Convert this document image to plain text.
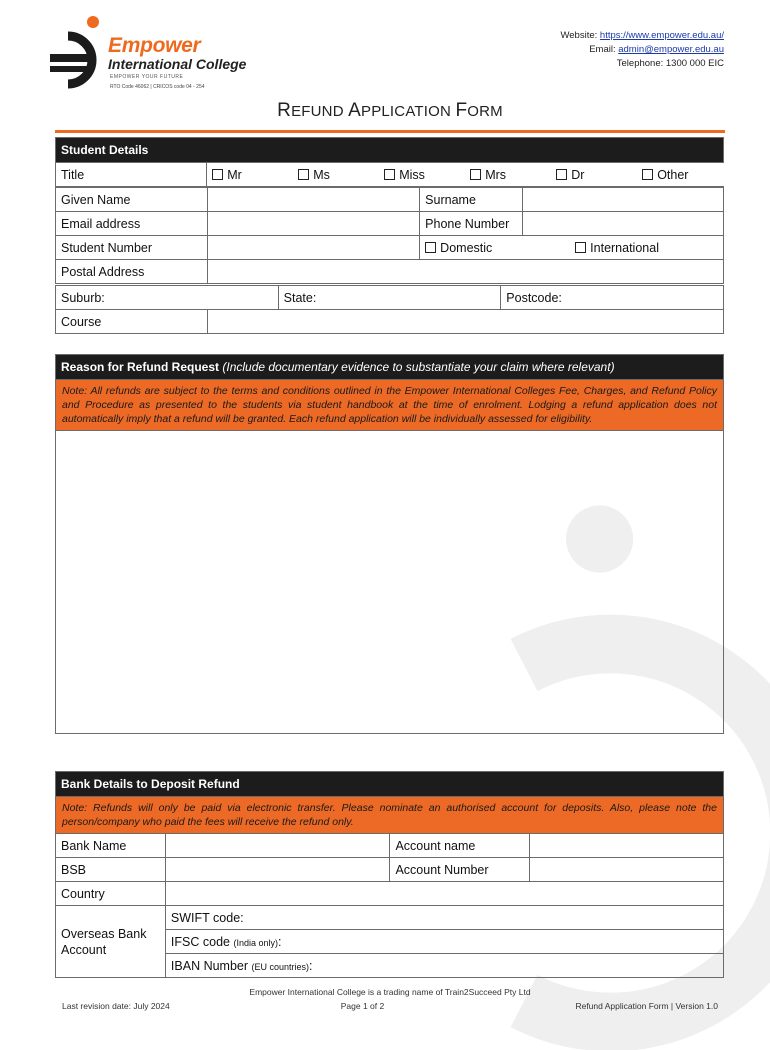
Empower
International College
EMPOWER YOUR FUTURE
RTO Code 46062 | CRICOS code 04 - 254
Website: https://www.empower.edu.au/
Email: admin@empower.edu.au
Telephone: 1300 000 EIC
REFUND APPLICATION FORM
Student Details
Title	Mr	Ms	Miss	Mrs	Dr	Other
Given Name		Surname	
Email address		Phone Number	
Student Number		Domestic International	
Postal Address			
Suburb:		State:	Postcode:
Course			
Reason for Refund Request (Include documentary evidence to substantiate your claim where relevant)
Note: All refunds are subject to the terms and conditions outlined in the Empower International Colleges Fee, Charges, and Refund Policy and Procedure as presented to the students via student handbook at the time of enrolment. Lodging a refund application does not automatically imply that a refund will be granted. Each refund application will be individually assessed for eligibility.

Bank Details to Deposit Refund			
Note: Refunds will only be paid via electronic transfer. Please nominate an authorised account for deposits. Also, please note the person/company who paid the fees will receive the refund only.			
Bank Name		Account name	
BSB		Account Number	
Country			
Overseas Bank Account	SWIFT code:		
	IFSC code (India only):		
	IBAN Number (EU countries):		
Empower International College is a trading name of Train2Succeed Pty Ltd
Last revision date: July 2024	Page 1 of 2	Refund Application Form | Version 1.0
